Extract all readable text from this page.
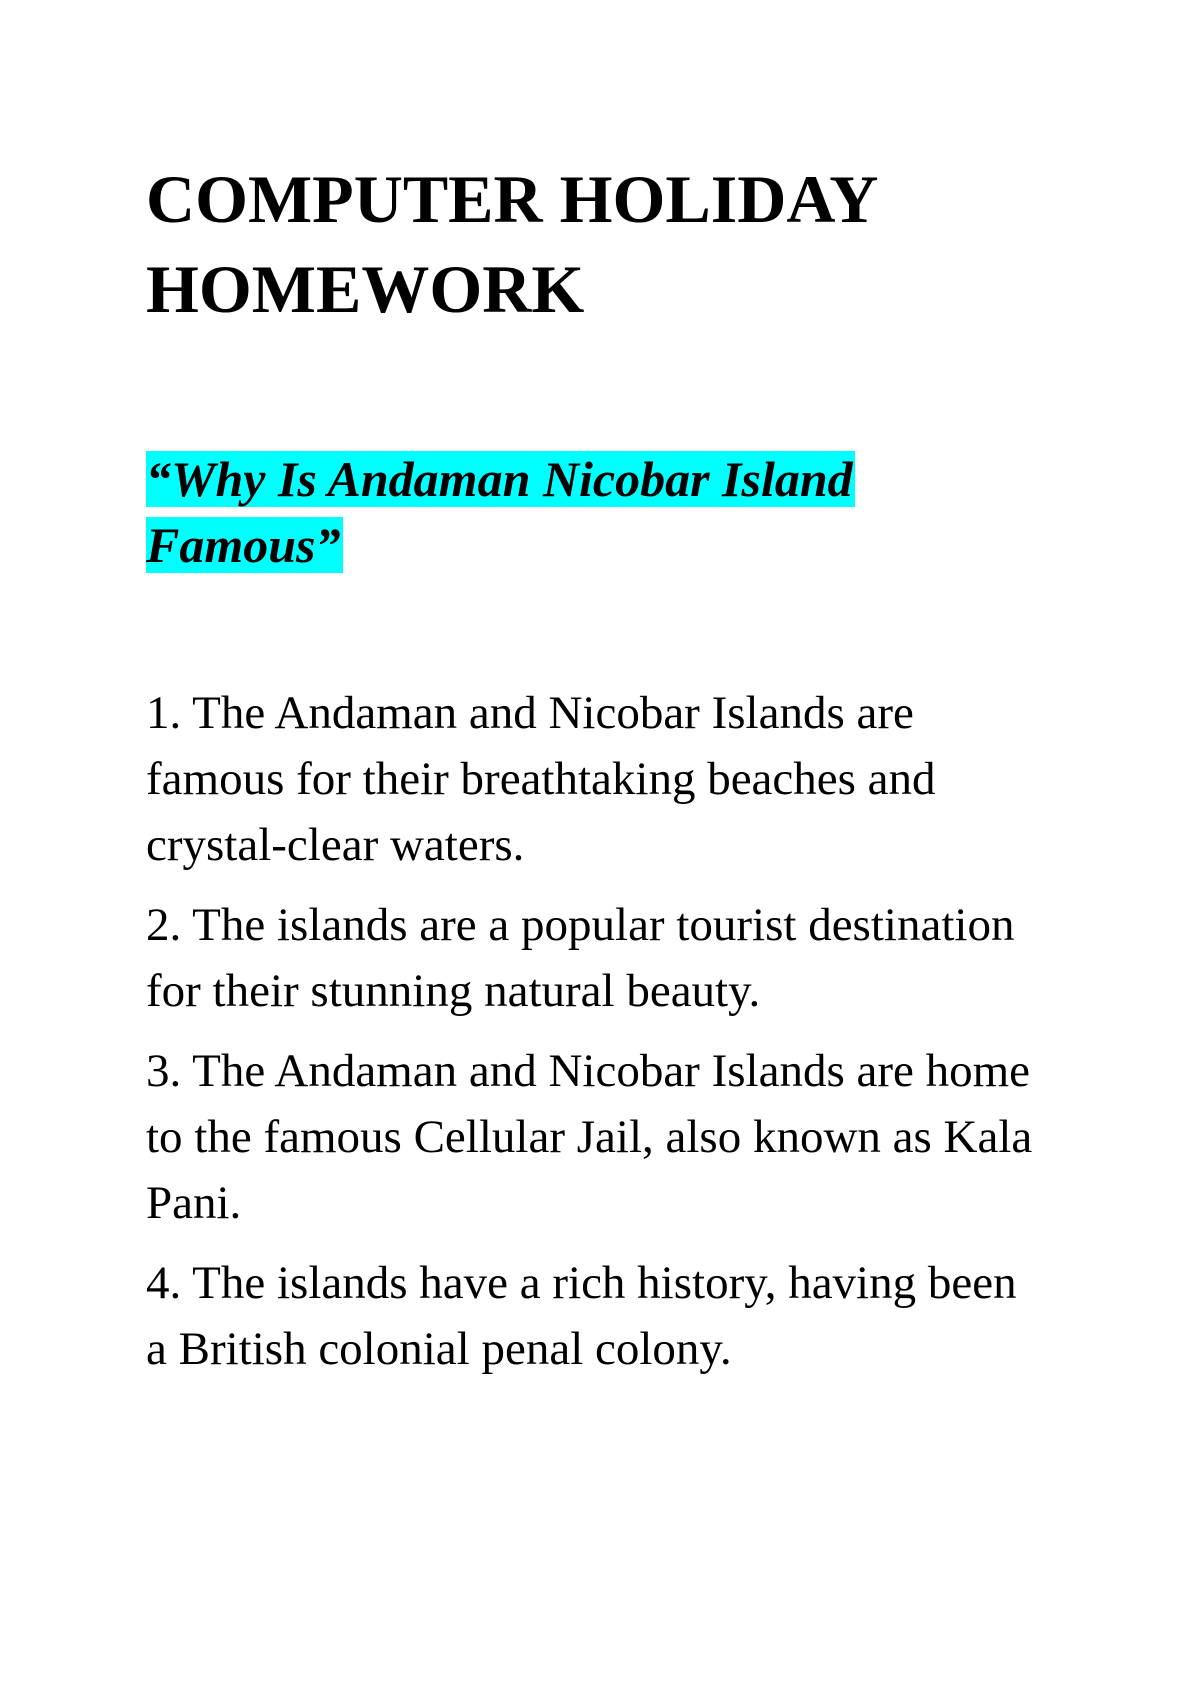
COMPUTER HOLIDAY
HOMEWORK

“Why Is Andaman Nicobar Island Famous”

1. The Andaman and Nicobar Islands are famous for their breathtaking beaches and crystal-clear waters.
2. The islands are a popular tourist destination for their stunning natural beauty.
3. The Andaman and Nicobar Islands are home to the famous Cellular Jail, also known as Kala Pani.
4. The islands have a rich history, having been a British colonial penal colony.
